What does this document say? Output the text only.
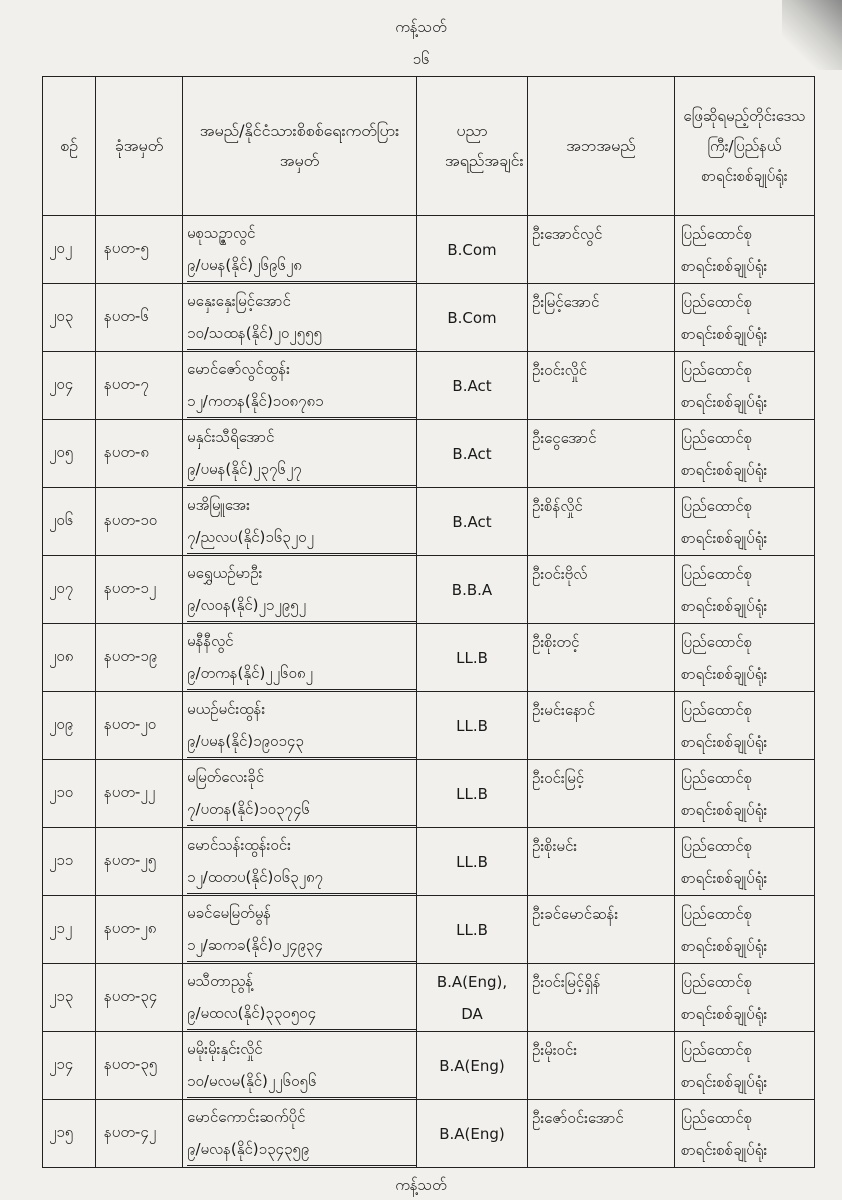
ကန့်သတ်
၁၆
စဉ်	ခုံအမှတ်	အမည်/နိုင်ငံသားစိစစ်ရေးကတ်ပြားအမှတ်	ပညာအရည်အချင်း	အဘအမည်	ဖြေဆိုရမည့်တိုင်းဒေသကြီး/ပြည်နယ်စာရင်းစစ်ချုပ်ရုံး
၂၀၂	နပတ-၅	မစုသဥ္ဇာလွင်
၉/ပမန(နိုင်)၂၆၉၆၂၈	B.Com	ဦးအောင်လွင်	ပြည်ထောင်စု
စာရင်းစစ်ချုပ်ရုံး

၂၀၃	နပတ-၆	မနှေးနှေးမြင့်အောင်
၁၀/သထန(နိုင်)၂၀၂၅၅၅	B.Com	ဦးမြင့်အောင်	ပြည်ထောင်စု
စာရင်းစစ်ချုပ်ရုံး

၂၀၄	နပတ-၇	မောင်ဇော်လွင်ထွန်း
၁၂/ကတန(နိုင်)၁၀၈၇၈၁	B.Act	ဦးဝင်းလှိုင်	ပြည်ထောင်စု
စာရင်းစစ်ချုပ်ရုံး

၂၀၅	နပတ-၈	မနှင်းသီရိအောင်
၉/ပမန(နိုင်)၂၃၇၆၂၇	B.Act	ဦးငွေအောင်	ပြည်ထောင်စု
စာရင်းစစ်ချုပ်ရုံး

၂၀၆	နပတ-၁၀	မအိမြူအေး
၇/ညလပ(နိုင်)၁၆၃၂၀၂	B.Act	ဦးစိန်လှိုင်	ပြည်ထောင်စု
စာရင်းစစ်ချုပ်ရုံး

၂၀၇	နပတ-၁၂	မရွှေယဉ်မာဦး
၉/လဝန(နိုင်)၂၁၂၉၅၂	B.B.A	ဦးဝင်းဗိုလ်	ပြည်ထောင်စု
စာရင်းစစ်ချုပ်ရုံး

၂၀၈	နပတ-၁၉	မနီနီလွင်
၉/တကန(နိုင်)၂၂၆၀၈၂	LL.B	ဦးစိုးတင့်	ပြည်ထောင်စု
စာရင်းစစ်ချုပ်ရုံး

၂၀၉	နပတ-၂၀	မယဉ်မင်းထွန်း
၉/ပမန(နိုင်)၁၉၀၁၄၃	LL.B	ဦးမင်းနောင်	ပြည်ထောင်စု
စာရင်းစစ်ချုပ်ရုံး

၂၁၀	နပတ-၂၂	မမြတ်လေးခိုင်
၇/ပတန(နိုင်)၁၀၃၇၄၆	LL.B	ဦးဝင်းမြင့်	ပြည်ထောင်စု
စာရင်းစစ်ချုပ်ရုံး

၂၁၁	နပတ-၂၅	မောင်သန်းထွန်းဝင်း
၁၂/ထတပ(နိုင်)၀၆၃၂၈၇	LL.B	ဦးစိုးမင်း	ပြည်ထောင်စု
စာရင်းစစ်ချုပ်ရုံး

၂၁၂	နပတ-၂၈	မခင်မေမြတ်မွန်
၁၂/ဆကခ(နိုင်)၀၂၄၉၃၄	LL.B	ဦးခင်မောင်ဆန်း	ပြည်ထောင်စု
စာရင်းစစ်ချုပ်ရုံး

၂၁၃	နပတ-၃၄	မသီတာညွန့်
၉/မထလ(နိုင်)၃၃၀၅၀၄	B.A(Eng),
DA	ဦးဝင်းမြင့်ရှိန်	ပြည်ထောင်စု
စာရင်းစစ်ချုပ်ရုံး

၂၁၄	နပတ-၃၅	မမိုးမိုးနှင်းလှိုင်
၁၀/မလမ(နိုင်)၂၂၆၀၅၆	B.A(Eng)	ဦးမိုးဝင်း	ပြည်ထောင်စု
စာရင်းစစ်ချုပ်ရုံး

၂၁၅	နပတ-၄၂	မောင်ကောင်းဆက်ပိုင်
၉/မလန(နိုင်)၁၃၄၃၅၉	B.A(Eng)	ဦးဇော်ဝင်းအောင်	ပြည်ထောင်စု
စာရင်းစစ်ချုပ်ရုံး
ကန့်သတ်
